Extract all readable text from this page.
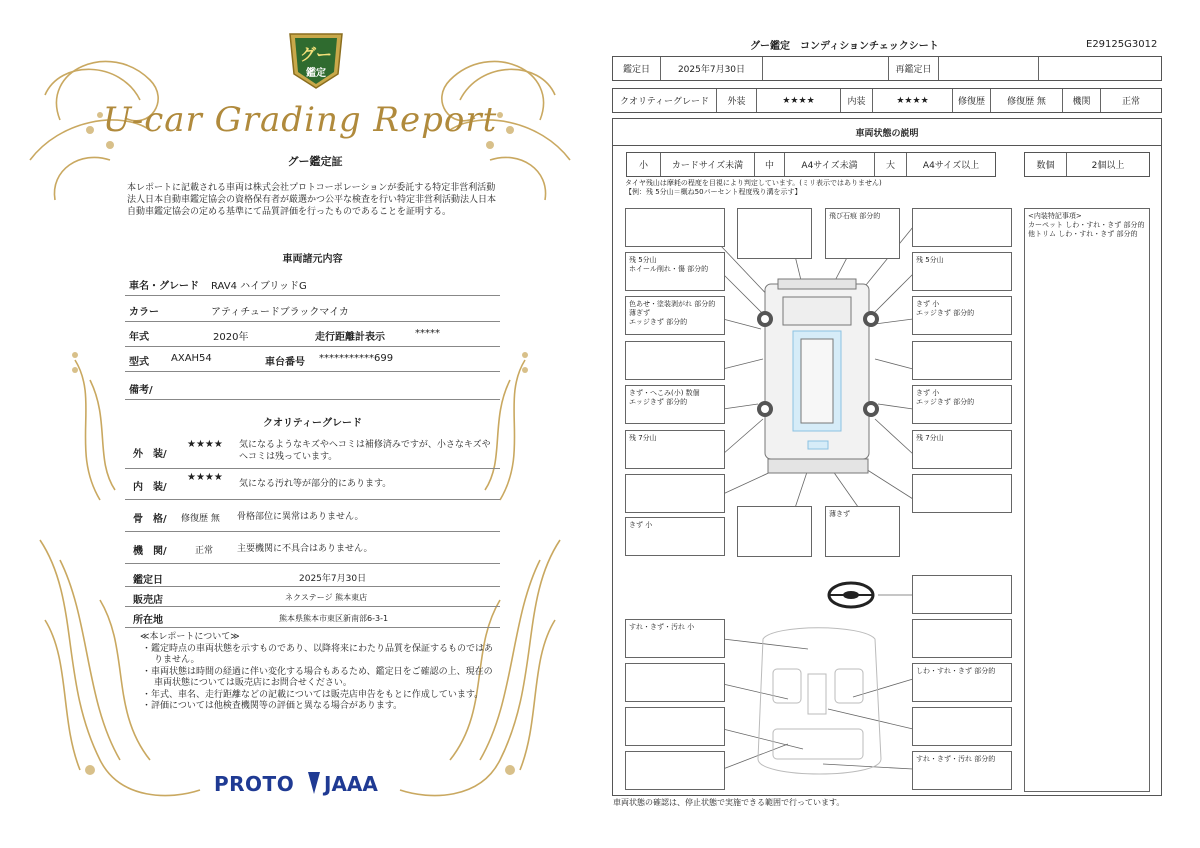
グー
鑑定
U-car Grading Report
グー鑑定証
本レポートに記載される車両は株式会社プロトコーポレーションが委託する特定非営利活動法人日本自動車鑑定協会の資格保有者が厳選かつ公平な検査を行い特定非営利活動法人日本自動車鑑定協会の定める基準にて品質評価を行ったものであることを証明する。
車両諸元内容
車名・グレード RAV4 ハイブリッドG
カラー	アティチュードブラックマイカ
年式	2020年	走行距離計表示	*****
型式 AXAH54	車台番号 ***********699
備考/
クオリティーグレード
外　装/
★★★★ 気になるようなキズやヘコミは補修済みですが、小さなキズやヘコミは残っています。
内　装/
★★★★
気になる汚れ等が部分的にあります。
骨　格/ 修復歴 無 骨格部位に異常はありません。
機　関/	正常	主要機関に不具合はありません。
鑑定日	2025年7月30日
販売店	ネクステージ 熊本東店
所在地	熊本県熊本市東区新南部6-3-1
≪本レポートについて≫
・鑑定時点の車両状態を示すものであり、以降将来にわたり品質を保証するものではありません。
・車両状態は時間の経過に伴い変化する場合もあるため、鑑定日をご確認の上、現在の車両状態については販売店にお問合せください。
・年式、車名、走行距離などの記載については販売店申告をもとに作成しています。
・評価については他検査機関等の評価と異なる場合があります。
PROTO JAAA
グー鑑定　コンディションチェックシート	E29125G3012
鑑定日	2025年7月30日	再鑑定日
クオリティーグレード	外装	★★★★	内装	★★★★	修復歴	修復歴 無	機関	正常
車両状態の説明
小	カードサイズ未満	中	A4サイズ未満	大	A4サイズ以上	数個	2個以上

タイヤ残山は摩耗の程度を目視により判定しています。(ミリ表示ではありません)

【例：残 5分山＝概ね50パーセント程度残り溝を示す】

飛び石痕 部分的

残 5分山

ホイール削れ・傷 部分的

残 5分山

色あせ・塗装剥がれ 部分的

薄ぎず

エッジきず 部分的

きず 小

エッジきず 部分的

きず・へこみ(小) 数個

エッジきず 部分的

きず 小

エッジきず 部分的

残 7分山	残 7分山

きず 小

薄きず

すれ・きず・汚れ 小

しわ・すれ・きず 部分的

すれ・きず・汚れ 部分的

<内装特記事項>

カーペット しわ・すれ・きず 部分的

他トリム しわ・すれ・きず 部分的

車両状態の確認は、停止状態で実施できる範囲で行っています。
